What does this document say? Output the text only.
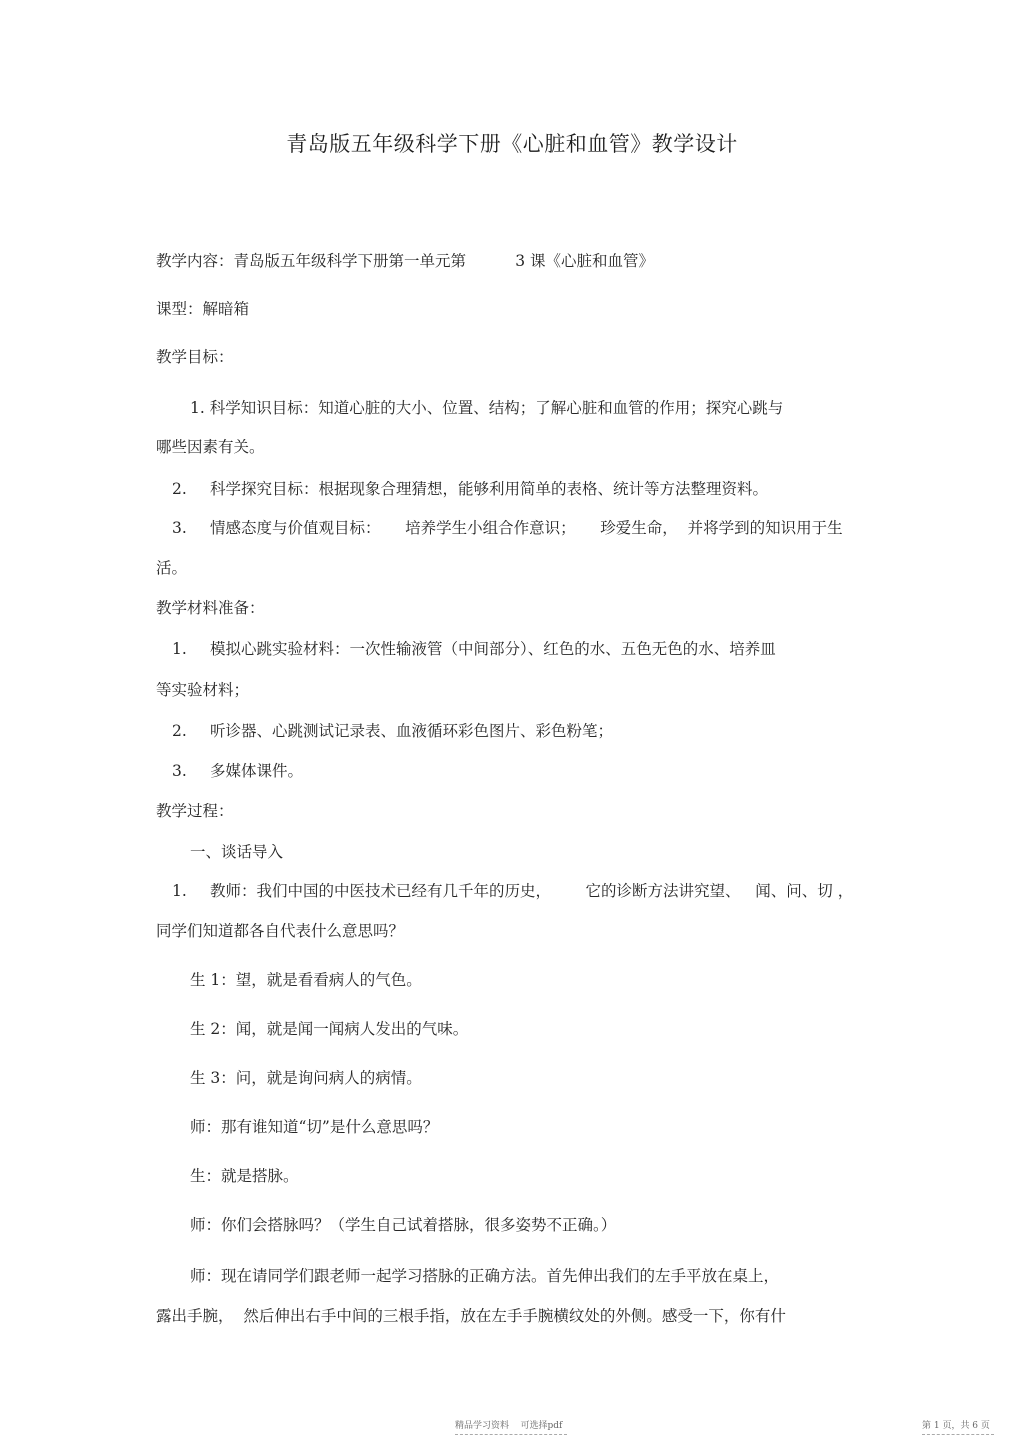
青岛版五年级科学下册《心脏和血管》教学设计
教学内容：青岛版五年级科学下册第一单元第          3 课《心脏和血管》
课型：解暗箱
教学目标：
1. 科学知识目标：知道心脏的大小、位置、结构；了解心脏和血管的作用；探究心跳与
哪些因素有关。
2. 科学探究目标：根据现象合理猜想，能够利用简单的表格、统计等方法整理资料。
3. 情感态度与价值观目标：     培养学生小组合作意识；     珍爱生命，  并将学到的知识用于生
活。
教学材料准备：
1. 模拟心跳实验材料：一次性输液管（中间部分）、红色的水、五色无色的水、培养皿
等实验材料；
2. 听诊器、心跳测试记录表、血液循环彩色图片、彩色粉笔；
3. 多媒体课件。
教学过程：
一、谈话导入
1. 教师：我们中国的中医技术已经有几千年的历史，       它的诊断方法讲究望、   闻、问、切 ，
同学们知道都各自代表什么意思吗？
生 1：望，就是看看病人的气色。
生 2：闻，就是闻一闻病人发出的气味。
生 3：问，就是询问病人的病情。
师：那有谁知道“切”是什么意思吗？
生：就是搭脉。
师：你们会搭脉吗？（学生自己试着搭脉，很多姿势不正确。）
师：现在请同学们跟老师一起学习搭脉的正确方法。首先伸出我们的左手平放在桌上，
露出手腕，  然后伸出右手中间的三根手指，放在左手手腕横纹处的外侧。感受一下，你有什
精品学习资料    可选择pdf	第 1 页，共 6 页
